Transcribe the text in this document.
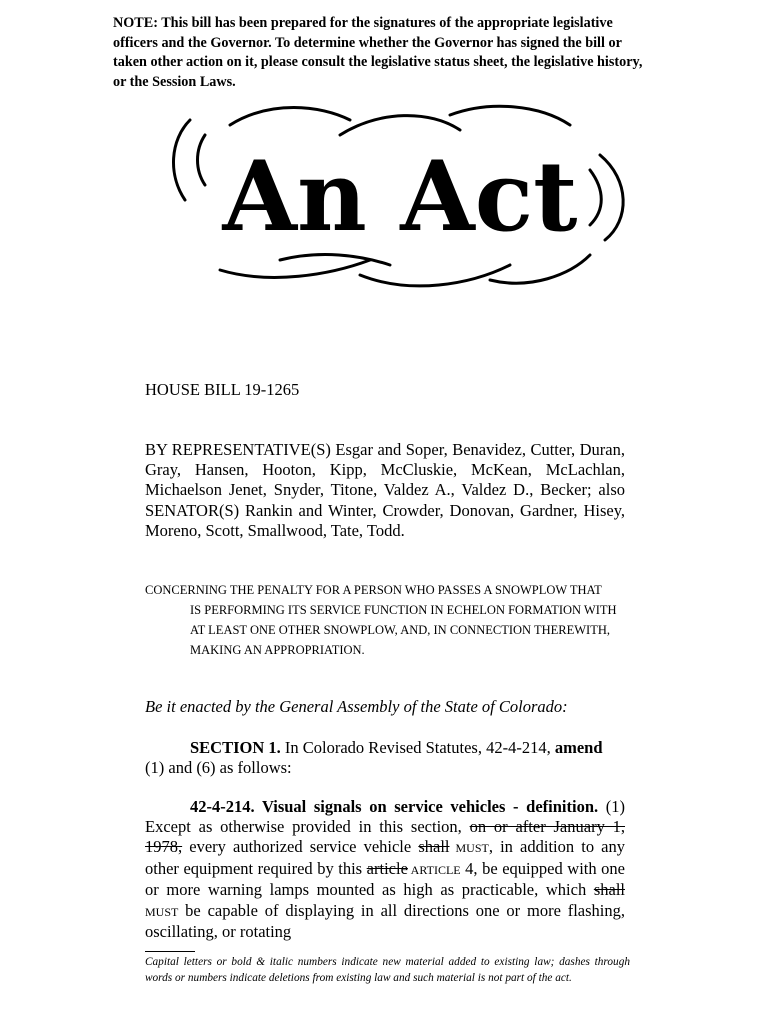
NOTE: This bill has been prepared for the signatures of the appropriate legislative officers and the Governor. To determine whether the Governor has signed the bill or taken other action on it, please consult the legislative status sheet, the legislative history, or the Session Laws.
An Act
HOUSE BILL 19-1265
BY REPRESENTATIVE(S) Esgar and Soper, Benavidez, Cutter, Duran, Gray, Hansen, Hooton, Kipp, McCluskie, McKean, McLachlan, Michaelson Jenet, Snyder, Titone, Valdez A., Valdez D., Becker; also SENATOR(S) Rankin and Winter, Crowder, Donovan, Gardner, Hisey, Moreno, Scott, Smallwood, Tate, Todd.
CONCERNING THE PENALTY FOR A PERSON WHO PASSES A SNOWPLOW THAT
IS PERFORMING ITS SERVICE FUNCTION IN ECHELON FORMATION WITH AT LEAST ONE OTHER SNOWPLOW, AND, IN CONNECTION THEREWITH, MAKING AN APPROPRIATION.
Be it enacted by the General Assembly of the State of Colorado:
SECTION 1. In Colorado Revised Statutes, 42-4-214, amend (1) and (6) as follows:
42-4-214. Visual signals on service vehicles - definition. (1) Except as otherwise provided in this section, on or after January 1, 1978, every authorized service vehicle shall MUST, in addition to any other equipment required by this article ARTICLE 4, be equipped with one or more warning lamps mounted as high as practicable, which shall MUST be capable of displaying in all directions one or more flashing, oscillating, or rotating
Capital letters or bold & italic numbers indicate new material added to existing law; dashes through words or numbers indicate deletions from existing law and such material is not part of the act.
